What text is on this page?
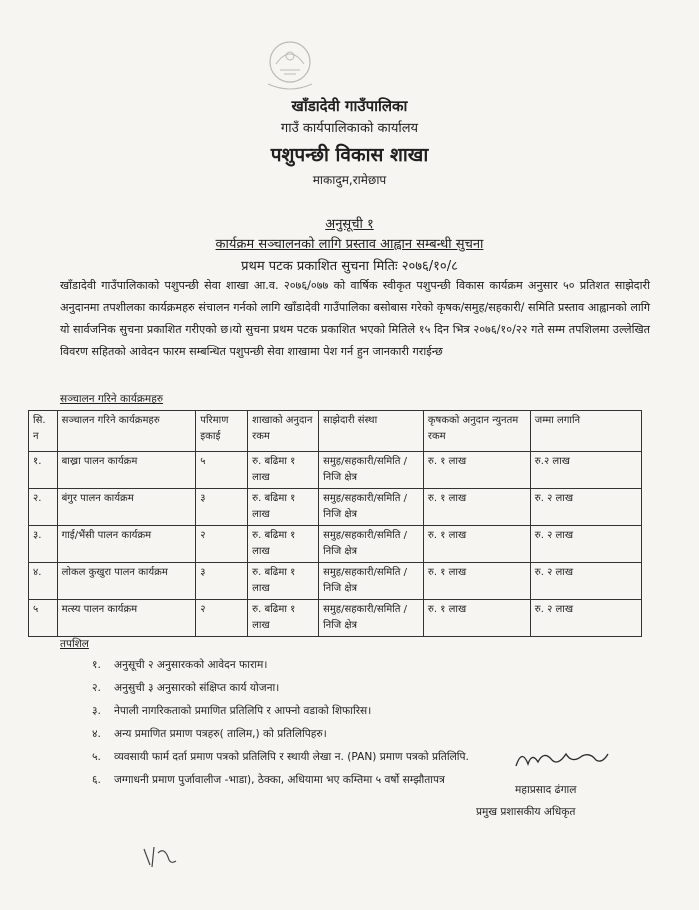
खाँडादेवी गाउँपालिका
गाउँ कार्यपालिकाको कार्यालय
पशुपन्छी विकास शाखा
माकादुम,रामेछाप
अनुसूची १
कार्यक्रम सञ्चालनको लागि प्रस्ताव आह्वान सम्बन्धी सुचना
प्रथम पटक प्रकाशित सुचना मितिः २०७६/१०/८

खाँडादेवी गाउँपालिकाको पशुपन्छी सेवा शाखा आ.व. २०७६/०७७ को वार्षिक स्वीकृत पशुपन्छी विकास कार्यक्रम अनुसार ५० प्रतिशत साझेदारी अनुदानमा तपशीलका कार्यक्रमहरु संचालन गर्नको लागि खाँडादेवी गाउँपालिका बसोबास गरेको कृषक/समुह/सहकारी/ समिति प्रस्ताव आह्वानको लागि यो सार्वजनिक सुचना प्रकाशित गरीएको छ।यो सुचना प्रथम पटक प्रकाशित भएको मितिले १५ दिन भित्र २०७६/१०/२२ गते सम्म तपशिलमा उल्लेखित विवरण सहितको आवेदन फारम सम्बन्धित पशुपन्छी सेवा शाखामा पेश गर्न हुन जानकारी गराईन्छ

सञ्चालन गरिने कार्यक्रमहरु
सि. न	सञ्चालन गरिने कार्यक्रमहरु	परिमाण इकाई	शाखाको अनुदान रकम	साझेदारी संस्था	कृषकको अनुदान न्युनतम रकम	जम्मा लगानि
१.	बाख्रा पालन कार्यक्रम	५	रु. बढिमा १ लाख	समुह/सहकारी/समिति /निजि क्षेत्र	रु. १ लाख	रु.२ लाख
२.	बंगुर पालन कार्यक्रम	३	रु. बढिमा १ लाख	समुह/सहकारी/समिति /निजि क्षेत्र	रु. १ लाख	रु. २ लाख
३.	गाई/भैंसी पालन कार्यक्रम	२	रु. बढिमा १ लाख	समुह/सहकारी/समिति /निजि क्षेत्र	रु. १ लाख	रु. २ लाख
४.	लोकल कुखुरा पालन कार्यक्रम	३	रु. बढिमा १ लाख	समुह/सहकारी/समिति /निजि क्षेत्र	रु. १ लाख	रु. २ लाख
५	मत्स्य पालन कार्यक्रम	२	रु. बढिमा १ लाख	समुह/सहकारी/समिति /निजि क्षेत्र	रु. १ लाख	रु. २ लाख
तपशिल
१. अनुसूची २ अनुसारकको आवेदन फाराम।
२. अनुसुची ३ अनुसारको संक्षिप्त कार्य योजना।
३. नेपाली नागरिकताको प्रमाणित प्रतिलिपि र आफ्नो वडाको शिफारिस।
४. अन्य प्रमाणित प्रमाण पत्रहरु( तालिम,) को प्रतिलिपिहरु।
५. व्यवसायी फार्म दर्ता प्रमाण पत्रको प्रतिलिपि र स्थायी लेखा न. (PAN) प्रमाण पत्रको प्रतिलिपि.
६. जग्गाधनी प्रमाण पुर्जावालीज -भाडा), ठेक्का, अधियामा भए कम्तिमा ५ वर्षो सम्झौतापत्र
महाप्रसाद ढंगाल
प्रमुख प्रशासकीय अधिकृत
